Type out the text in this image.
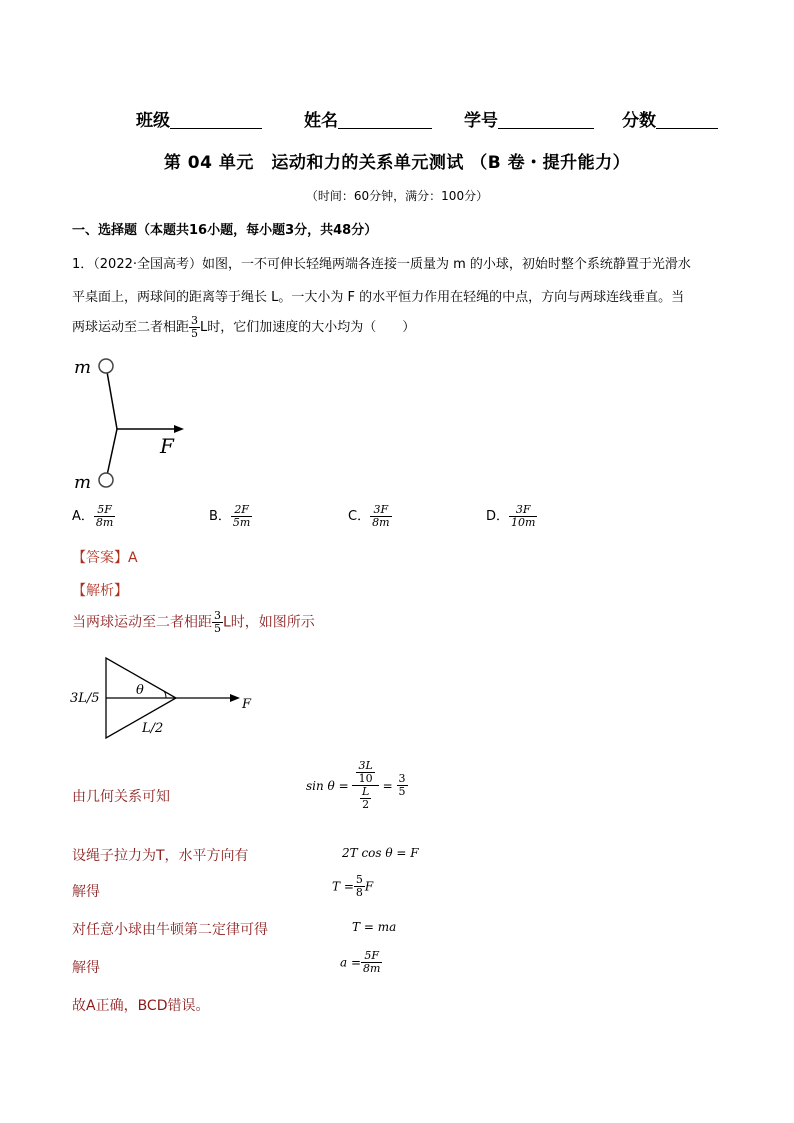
班级	姓名	学号	分数
第 04 单元　运动和力的关系单元测试 （B 卷・提升能力）
（时间：60分钟，满分：100分）
一、选择题（本题共16小题，每小题3分，共48分）
1．（2022·全国高考）如图，一不可伸长轻绳两端各连接一质量为 m 的小球，初始时整个系统静置于光滑水
平桌面上，两球间的距离等于绳长 L。一大小为 F 的水平恒力作用在轻绳的中点，方向与两球连线垂直。当
两球运动至二者相距 $\frac{3}{5}$ L时，它们加速度的大小均为（　　）
m
m
F
A． $\frac{5F}{8m}$	B． $\frac{2F}{5m}$	C． $\frac{3F}{8m}$	D． $\frac{3F}{10m}$
【答案】A
【解析】
当两球运动至二者相距 $\frac{3}{5}$ L时，如图所示
3L/5
θ
L/2
F
由几何关系可知
$\sin \theta = \frac{\frac{3L}{10}}{\frac{L}{2}} = \frac{3}{5}$
设绳子拉力为T，水平方向有	2T cos θ = F
解得	$T = \frac{5}{8}$ F
对任意小球由牛顿第二定律可得	T = ma
解得	$a = \frac{5F}{8m}$
故A正确，BCD错误。
